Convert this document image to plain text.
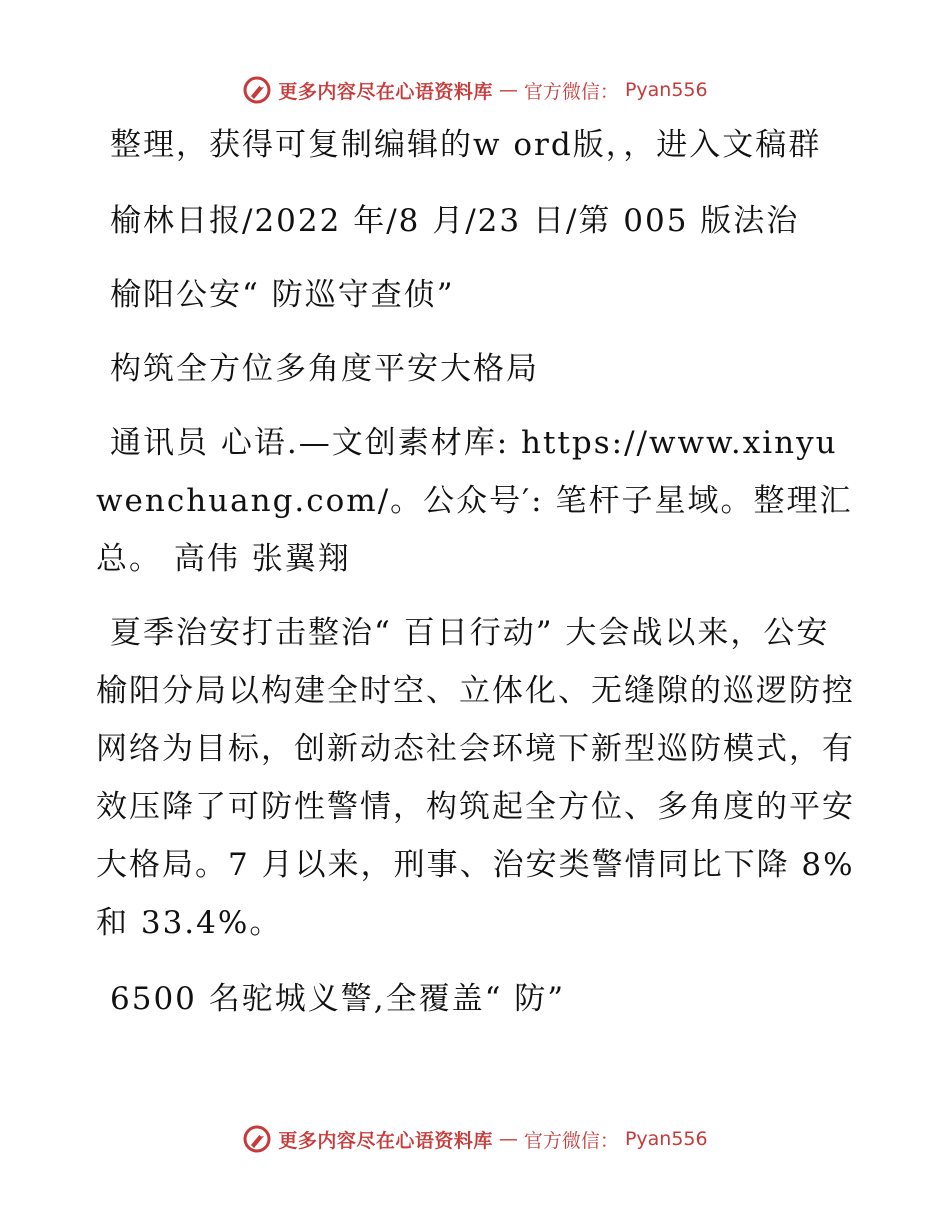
更多内容尽在心语资料库 — 官方微信： Pyan556

整理，获得可复制编辑的w ord版，，进入文稿群

榆林日报/2022 年/8 月/23 日/第 005 版法治

榆阳公安“ 防巡守查侦”

构筑全方位多角度平安大格局

通讯员 心语.—文创素材库: https://www.xinyuwenchuang.com/。公众号′: 笔杆子星域。整理汇总。 高伟 张翼翔

夏季治安打击整治“ 百日行动” 大会战以来，公安榆阳分局以构建全时空、立体化、无缝隙的巡逻防控网络为目标，创新动态社会环境下新型巡防模式，有效压降了可防性警情，构筑起全方位、多角度的平安大格局。7 月以来，刑事、治安类警情同比下降 8%和 33.4%。

6500 名驼城义警,全覆盖“ 防”

更多内容尽在心语资料库 — 官方微信： Pyan556
